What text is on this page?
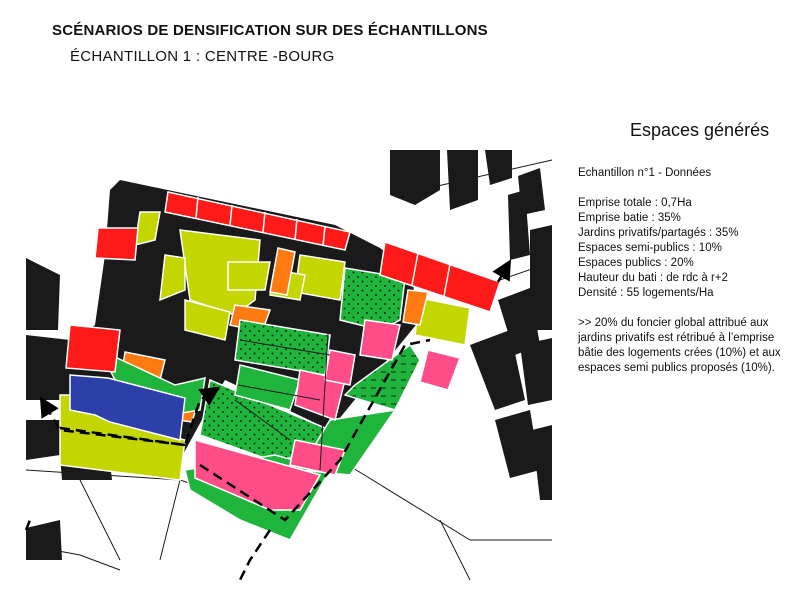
SCÉNARIOS DE DENSIFICATION SUR DES ÉCHANTILLONS
ÉCHANTILLON 1 : CENTRE -BOURG
Espaces générés

Echantillon n°1 - Données

Emprise totale : 0,7Ha
Emprise batie : 35%
Jardins privatifs/partagés : 35%
Espaces semi-publics : 10%
Espaces publics : 20%
Hauteur du bati : de rdc à r+2
Densité : 55 logements/Ha

>> 20% du foncier global attribué aux jardins privatifs est rétribué à l’emprise bâtie des logements crées (10%) et aux espaces semi publics proposés (10%).
